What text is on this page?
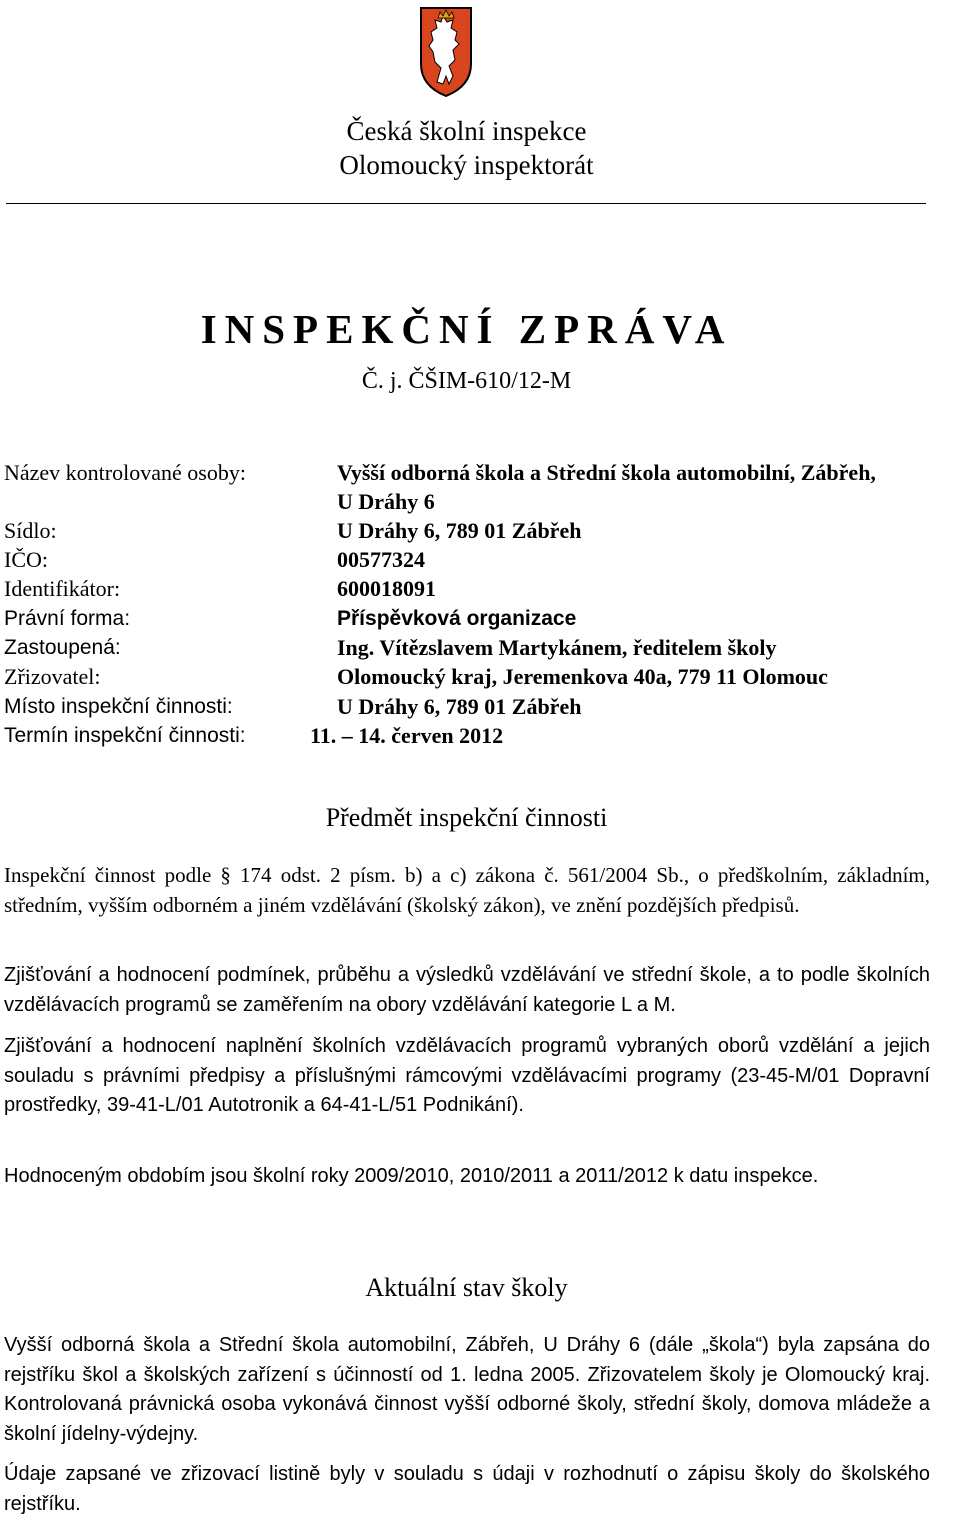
Česká školní inspekce
Olomoucký inspektorát
INSPEKČNÍ ZPRÁVA
Č. j. ČŠIM-610/12-M
Název kontrolované osoby:	Vyšší odborná škola a Střední škola automobilní, Zábřeh,
U Dráhy 6
Sídlo:	U Dráhy 6, 789 01 Zábřeh
IČO:	00577324
Identifikátor:	600018091
Právní forma:	Příspěvková organizace
Zastoupená:	Ing. Vítězslavem Martykánem, ředitelem školy
Zřizovatel:	Olomoucký kraj, Jeremenkova 40a, 779 11 Olomouc
Místo inspekční činnosti:	U Dráhy 6, 789 01 Zábřeh
Termín inspekční činnosti:	11. – 14. červen 2012
Předmět inspekční činnosti
Inspekční činnost podle § 174 odst. 2 písm. b) a c) zákona č. 561/2004 Sb., o předškolním, základním, středním, vyšším odborném a jiném vzdělávání (školský zákon), ve znění pozdějších předpisů.
Zjišťování a hodnocení podmínek, průběhu a výsledků vzdělávání ve střední škole, a to podle školních vzdělávacích programů se zaměřením na obory vzdělávání kategorie L a M.
Zjišťování a hodnocení naplnění školních vzdělávacích programů vybraných oborů vzdělání a jejich souladu s právními předpisy a příslušnými rámcovými vzdělávacími programy (23-45-M/01 Dopravní prostředky, 39-41-L/01 Autotronik a 64-41-L/51 Podnikání).
Hodnoceným obdobím jsou školní roky 2009/2010, 2010/2011 a 2011/2012 k datu inspekce.
Aktuální stav školy
Vyšší odborná škola a Střední škola automobilní, Zábřeh, U Dráhy 6 (dále „škola“) byla zapsána do rejstříku škol a školských zařízení s účinností od 1. ledna 2005. Zřizovatelem školy je Olomoucký kraj. Kontrolovaná právnická osoba vykonává činnost vyšší odborné školy, střední školy, domova mládeže a školní jídelny-výdejny.
Údaje zapsané ve zřizovací listině byly v souladu s údaji v rozhodnutí o zápisu školy do školského rejstříku.
